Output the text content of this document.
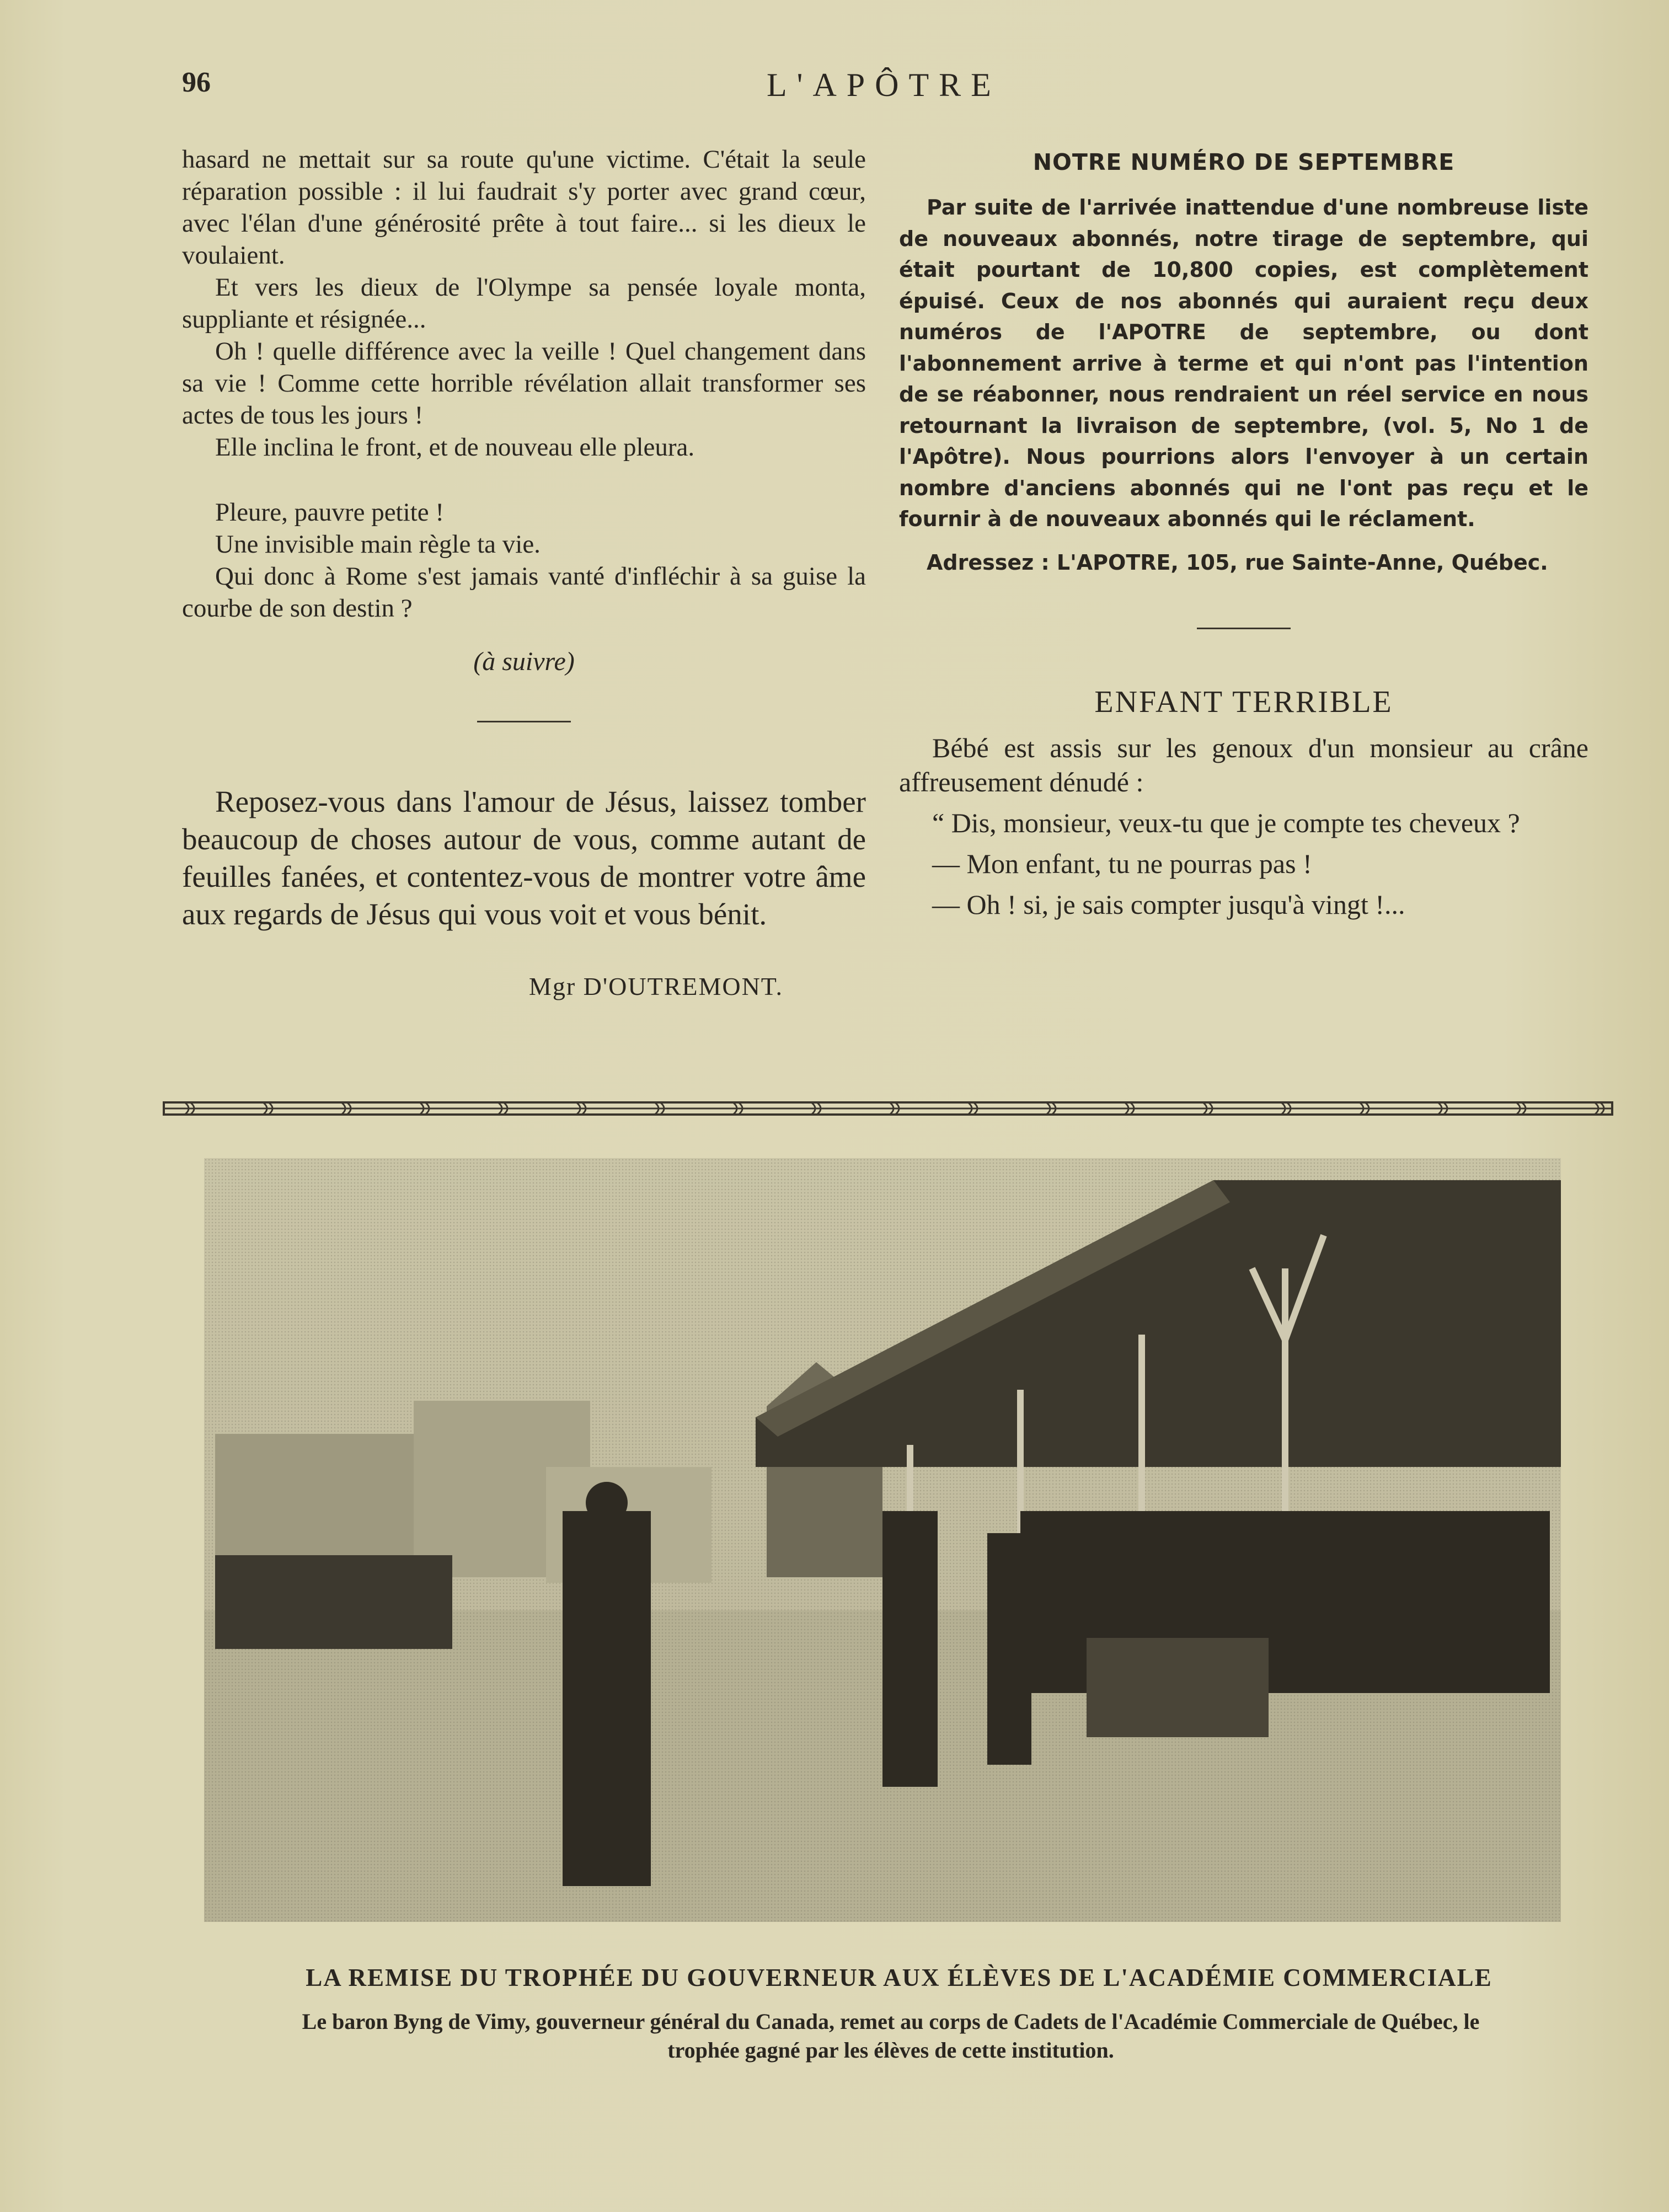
96	L'APÔTRE

hasard ne mettait sur sa route qu'une victime. C'était la seule réparation possible : il lui faudrait s'y porter avec grand cœur, avec l'élan d'une générosité prête à tout faire... si les dieux le voulaient.

Et vers les dieux de l'Olympe sa pensée loyale monta, suppliante et résignée...

Oh ! quelle différence avec la veille ! Quel changement dans sa vie ! Comme cette horrible révélation allait transformer ses actes de tous les jours !

Elle inclina le front, et de nouveau elle pleura.

Pleure, pauvre petite !

Une invisible main règle ta vie.

Qui donc à Rome s'est jamais vanté d'infléchir à sa guise la courbe de son destin ?

(à suivre)

Reposez-vous dans l'amour de Jésus, laissez tomber beaucoup de choses autour de vous, comme autant de feuilles fanées, et contentez-vous de montrer votre âme aux regards de Jésus qui vous voit et vous bénit.

Mgr D'OUTREMONT.

NOTRE NUMÉRO DE SEPTEMBRE

Par suite de l'arrivée inattendue d'une nombreuse liste de nouveaux abonnés, notre tirage de septembre, qui était pourtant de 10,800 copies, est complètement épuisé. Ceux de nos abonnés qui auraient reçu deux numéros de l'APOTRE de septembre, ou dont l'abonnement arrive à terme et qui n'ont pas l'intention de se réabonner, nous rendraient un réel service en nous retournant la livraison de septembre, (vol. 5, No 1 de l'Apôtre). Nous pourrions alors l'envoyer à un certain nombre d'anciens abonnés qui ne l'ont pas reçu et le fournir à de nouveaux abonnés qui le réclament.

Adressez : L'APOTRE, 105, rue Sainte-Anne, Québec.

ENFANT TERRIBLE

Bébé est assis sur les genoux d'un monsieur au crâne affreusement dénudé :

“ Dis, monsieur, veux-tu que je compte tes cheveux ?

— Mon enfant, tu ne pourras pas !

— Oh ! si, je sais compter jusqu'à vingt !...

LA REMISE DU TROPHÉE DU GOUVERNEUR AUX ÉLÈVES DE L'ACADÉMIE COMMERCIALE

Le baron Byng de Vimy, gouverneur général du Canada, remet au corps de Cadets de l'Académie Commerciale de Québec, le trophée gagné par les élèves de cette institution.
